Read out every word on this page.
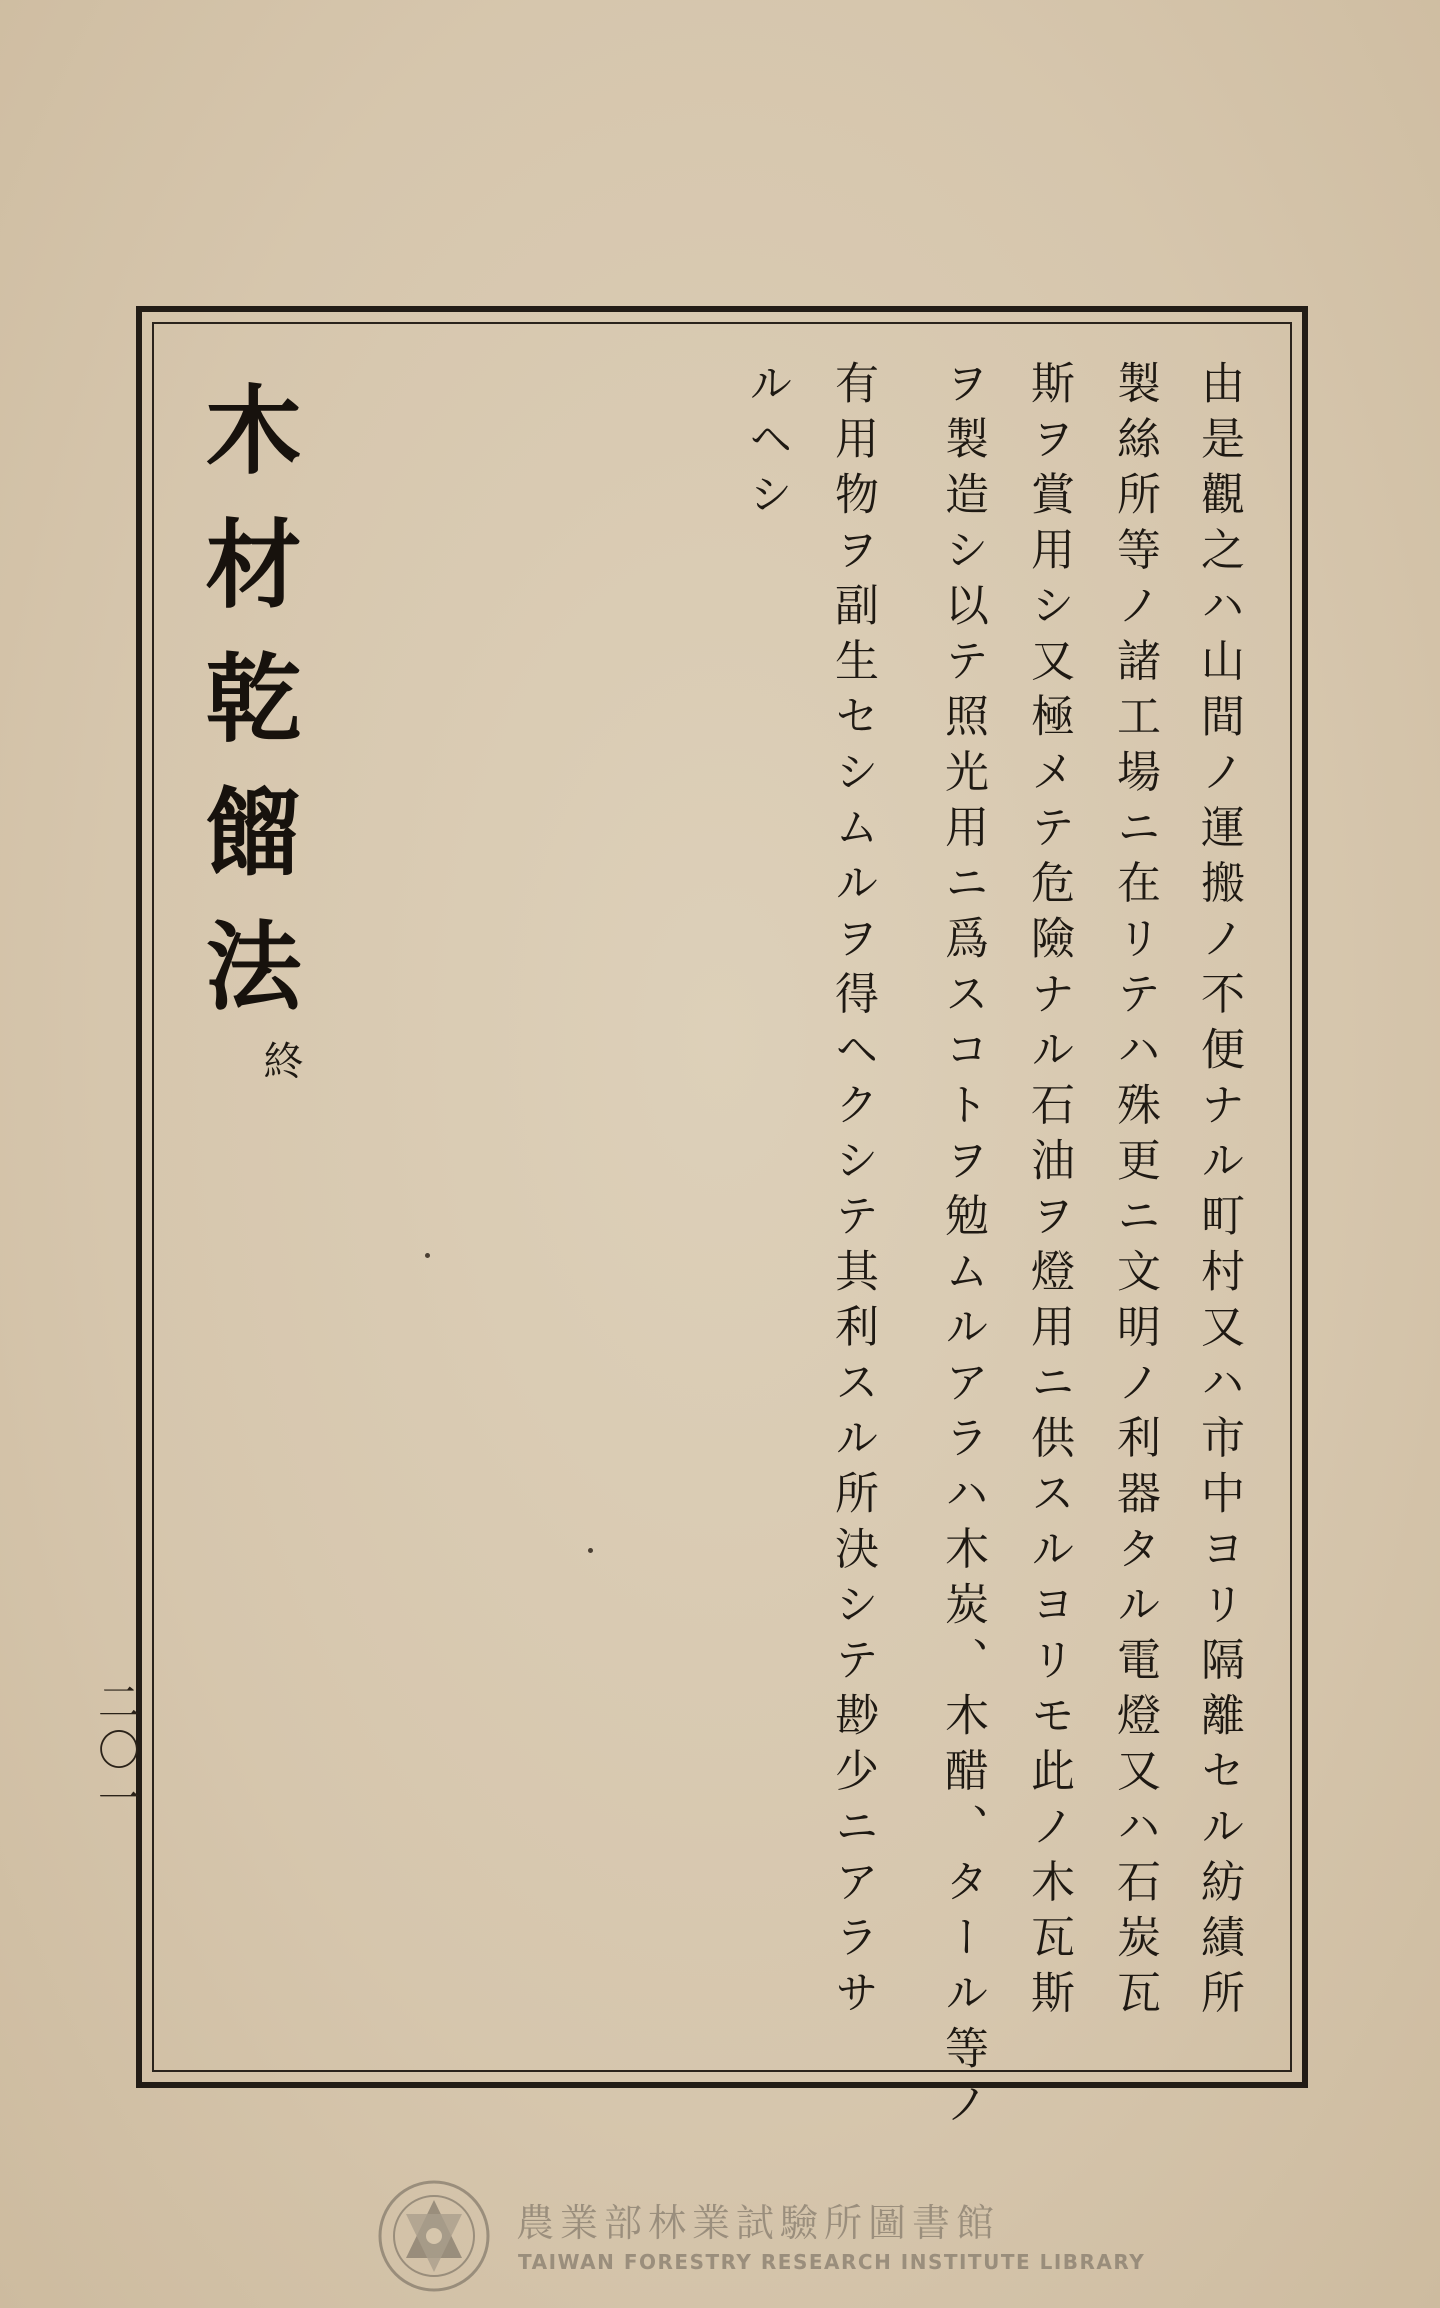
由是觀之ハ山間ノ運搬ノ不便ナル町村又ハ市中ヨリ隔離セル紡績所
製絲所等ノ諸工場ニ在リテハ殊更ニ文明ノ利器タル電燈又ハ石炭瓦
斯ヲ賞用シ又極メテ危險ナル石油ヲ燈用ニ供スルヨリモ此ノ木瓦斯
ヲ製造シ以テ照光用ニ爲スコトヲ勉ムルアラハ木炭、木醋、タール等ノ
有用物ヲ副生セシムルヲ得ヘクシテ其利スル所決シテ尠少ニアラサ
ルヘシ
木材乾餾法
終
二〇一
農業部林業試驗所圖書館
TAIWAN FORESTRY RESEARCH INSTITUTE LIBRARY
